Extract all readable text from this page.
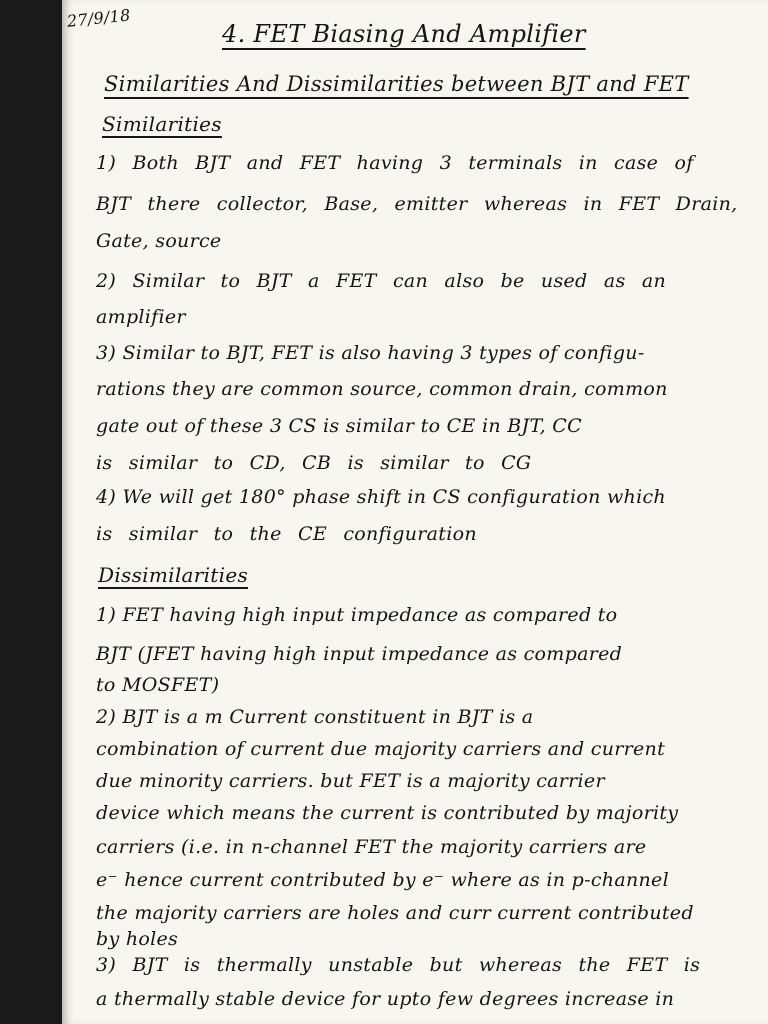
27/9/18
4. FET Biasing And Amplifier
Similarities And Dissimilarities between BJT and FET
Similarities
1) Both BJT and FET having 3 terminals in case of
BJT there collector, Base, emitter whereas in FET Drain,
Gate, source
2) Similar to BJT a FET can also be used as an
amplifier
3) Similar to BJT, FET is also having 3 types of configu-
rations they are common source, common drain, common
gate out of these 3 CS is similar to CE in BJT, CC
is similar to CD, CB is similar to CG
4) We will get 180° phase shift in CS configuration which
is similar to the CE configuration
Dissimilarities
1) FET having high input impedance as compared to
BJT (JFET having high input impedance as compared
to MOSFET)
2) BJT is a m Current constituent in BJT is a
combination of current due majority carriers and current
due minority carriers. but FET is a majority carrier
device which means the current is contributed by majority
carriers (i.e. in n-channel FET the majority carriers are
e⁻ hence current contributed by e⁻ where as in p-channel
the majority carriers are holes and curr current contributed
by holes
3) BJT is thermally unstable but whereas the FET is
a thermally stable device for upto few degrees increase in
